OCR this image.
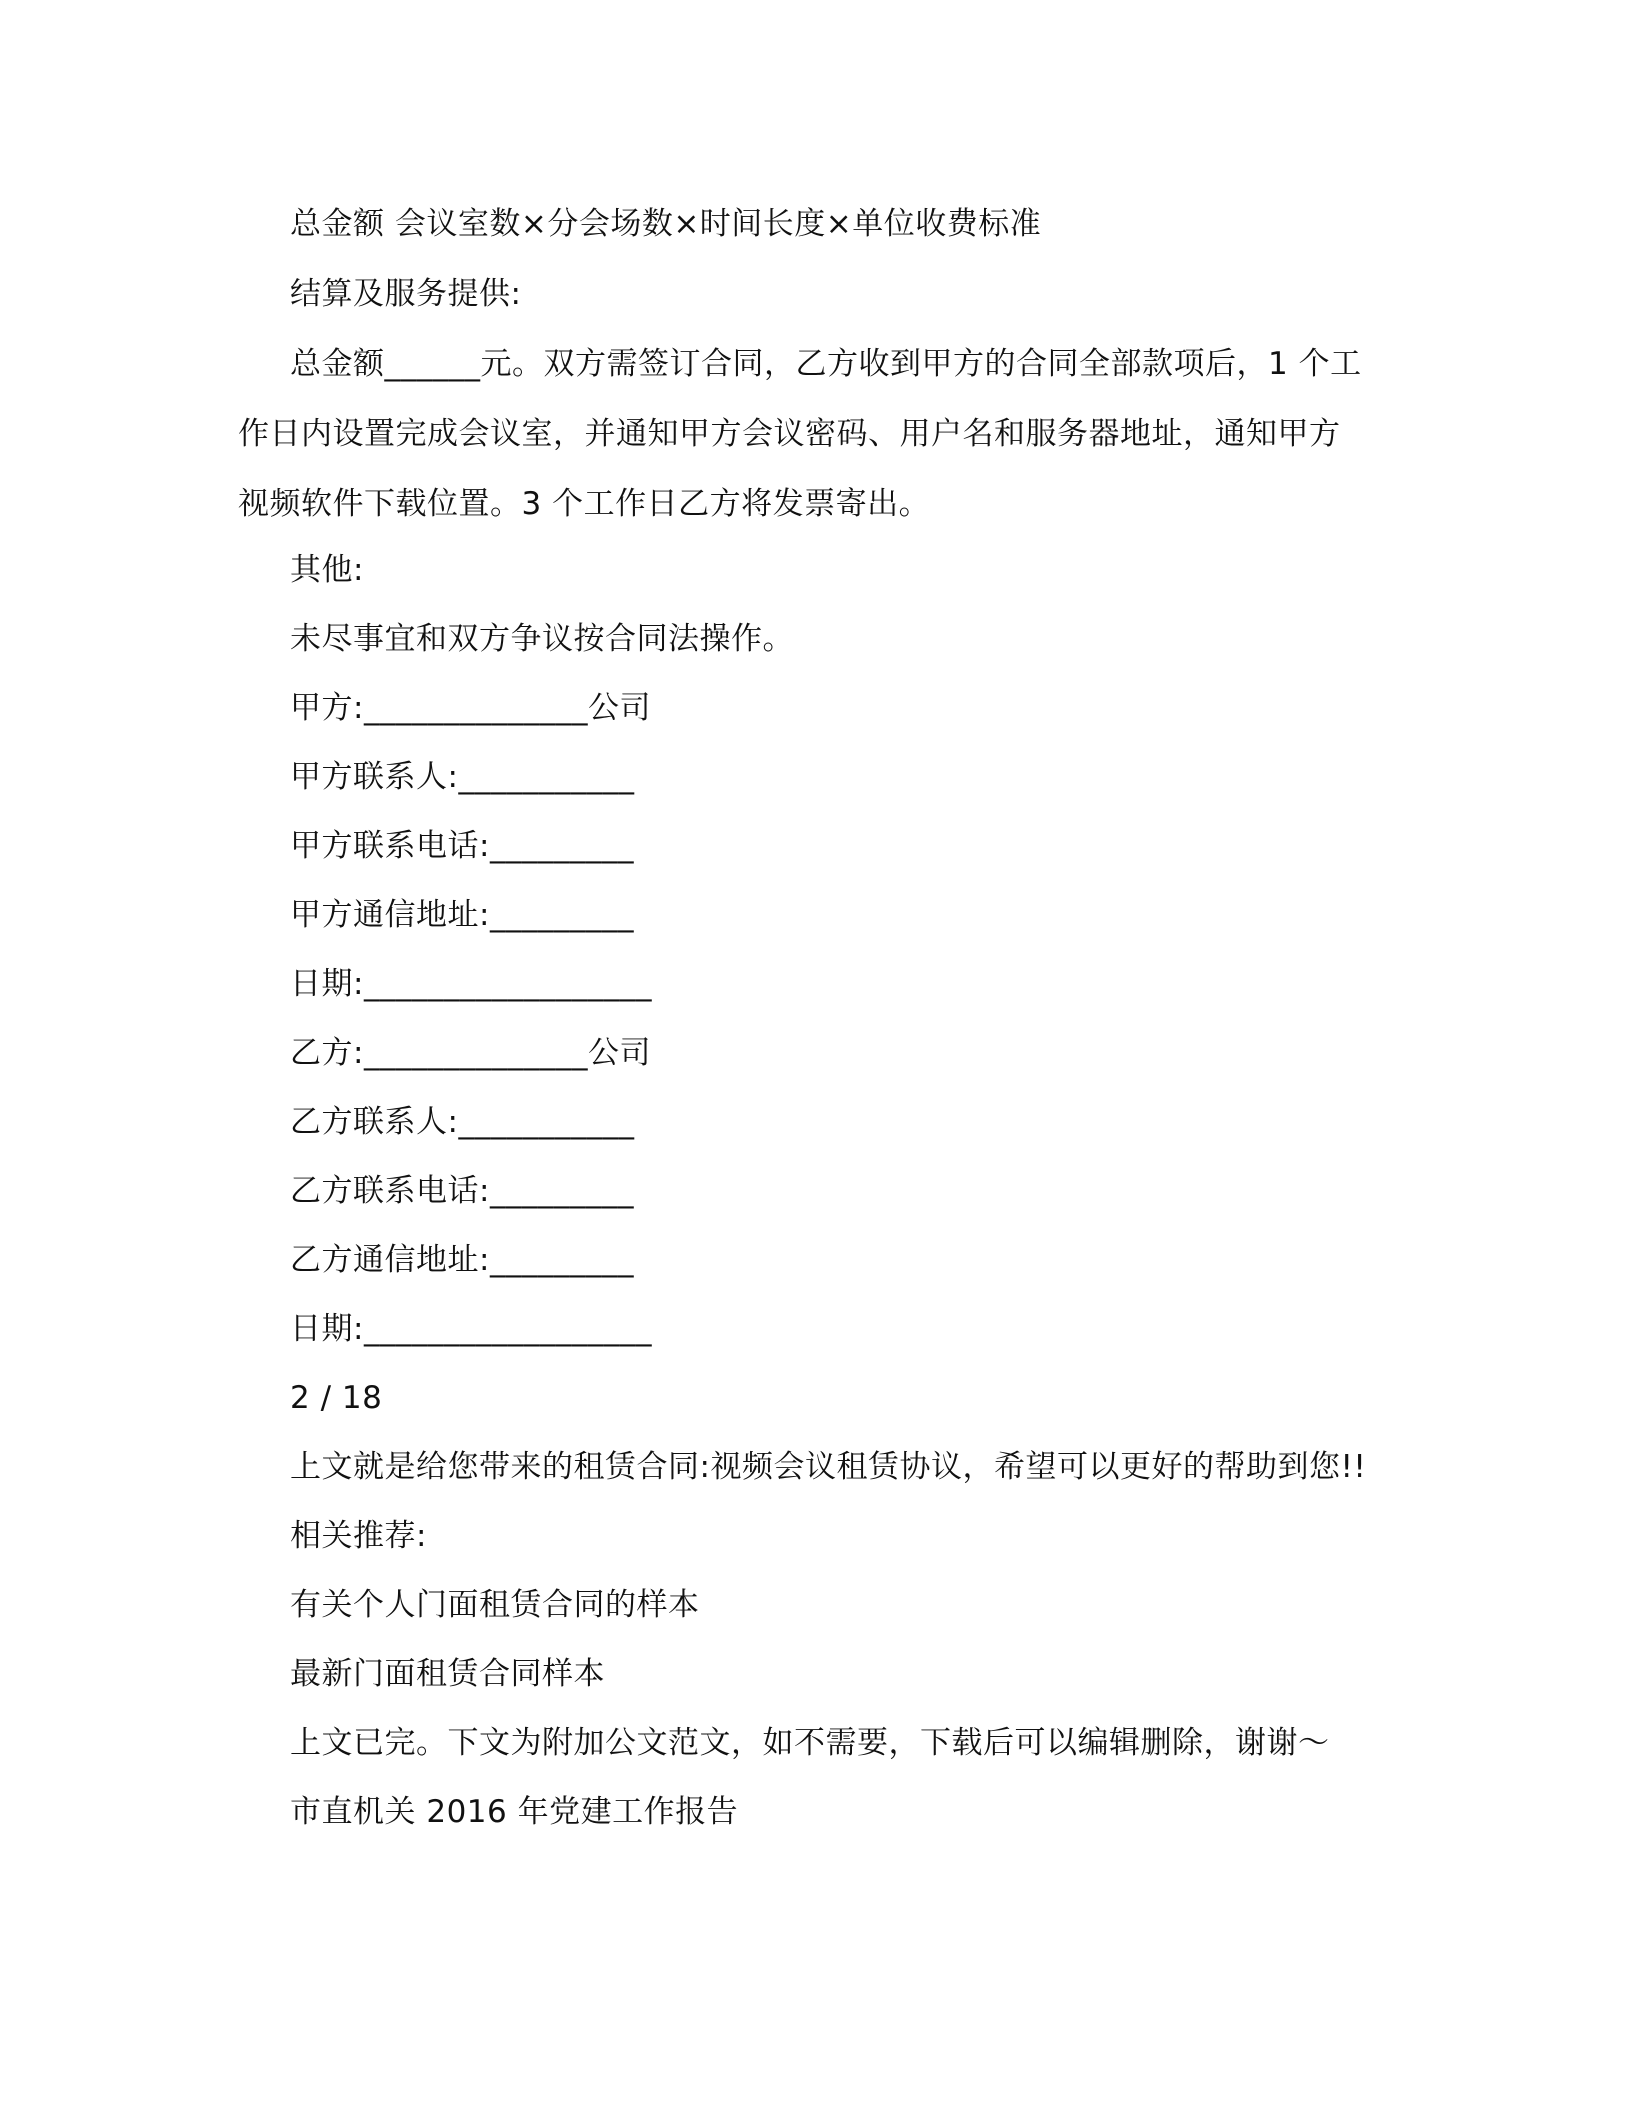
总金额 会议室数×分会场数×时间长度×单位收费标准
结算及服务提供:
总金额______元。双方需签订合同，乙方收到甲方的合同全部款项后，1 个工
作日内设置完成会议室，并通知甲方会议密码、用户名和服务器地址，通知甲方
视频软件下载位置。3 个工作日乙方将发票寄出。
其他:
未尽事宜和双方争议按合同法操作。
甲方:______________公司
甲方联系人:___________
甲方联系电话:_________
甲方通信地址:_________
日期:__________________
乙方:______________公司
乙方联系人:___________
乙方联系电话:_________
乙方通信地址:_________
日期:__________________
2 / 18
上文就是给您带来的租赁合同:视频会议租赁协议，希望可以更好的帮助到您!!
相关推荐:
有关个人门面租赁合同的样本
最新门面租赁合同样本
上文已完。下文为附加公文范文，如不需要，下载后可以编辑删除，谢谢～
市直机关 2016 年党建工作报告
